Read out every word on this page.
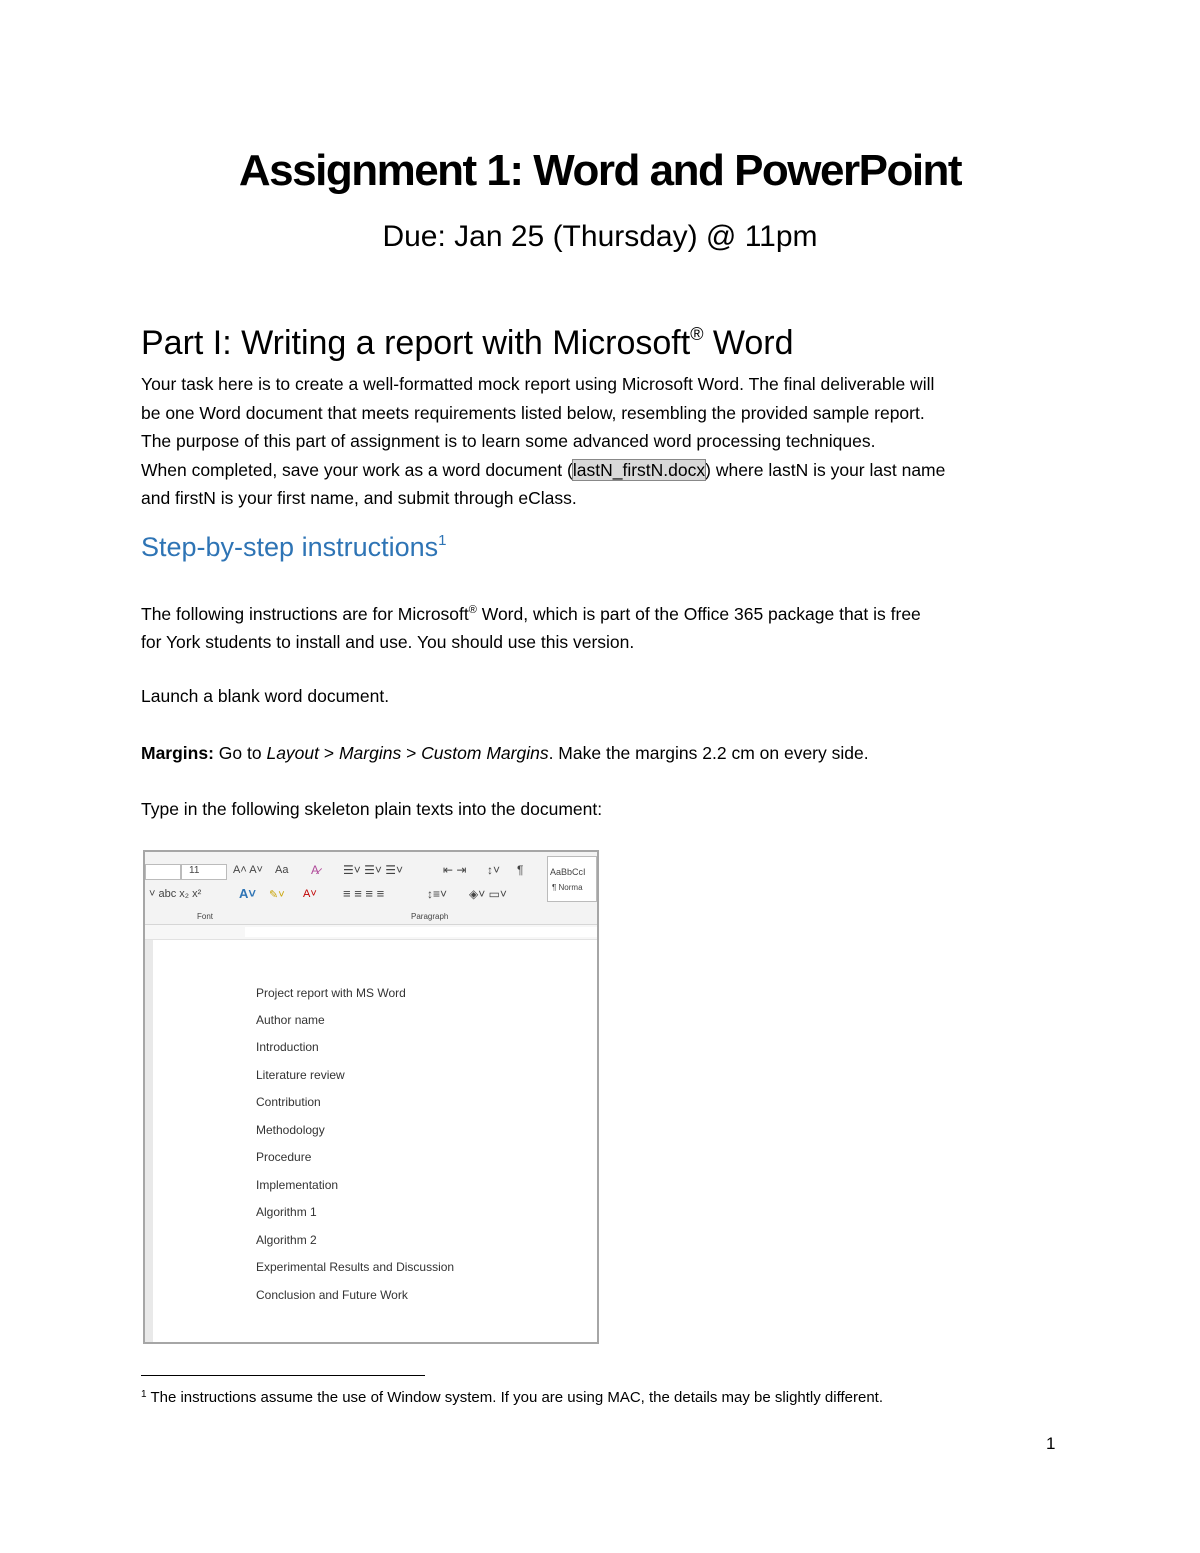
Assignment 1: Word and PowerPoint
Due: Jan 25 (Thursday) @ 11pm
Part I: Writing a report with Microsoft® Word
Your task here is to create a well-formatted mock report using Microsoft Word. The final deliverable will
be one Word document that meets requirements listed below, resembling the provided sample report.
The purpose of this part of assignment is to learn some advanced word processing techniques.
When completed, save your work as a word document (lastN_firstN.docx) where lastN is your last name
and firstN is your first name, and submit through eClass.
Step-by-step instructions$^1$
The following instructions are for Microsoft® Word, which is part of the Office 365 package that is free
for York students to install and use. You should use this version.
Launch a blank word document.
Margins: Go to Layout > Margins > Custom Margins. Make the margins 2.2 cm on every side.
Type in the following skeleton plain texts into the document:
11	A˄ A˅ Aa A̷ ☰˅ ☰˅ ☰˅	⇤ ⇥ ↕˅ ¶
˅ abc x₂ x²	A˅ ✎˅ A˅ ≡ ≡ ≡ ≡	↕≡˅ ◈˅ ▭˅
Font	Paragraph
AaBbCcI
¶ Norma
Project report with MS Word
Author name
Introduction
Literature review
Contribution
Methodology
Procedure
Implementation
Algorithm 1
Algorithm 2
Experimental Results and Discussion
Conclusion and Future Work
$^1$ The instructions assume the use of Window system. If you are using MAC, the details may be slightly different.
1
